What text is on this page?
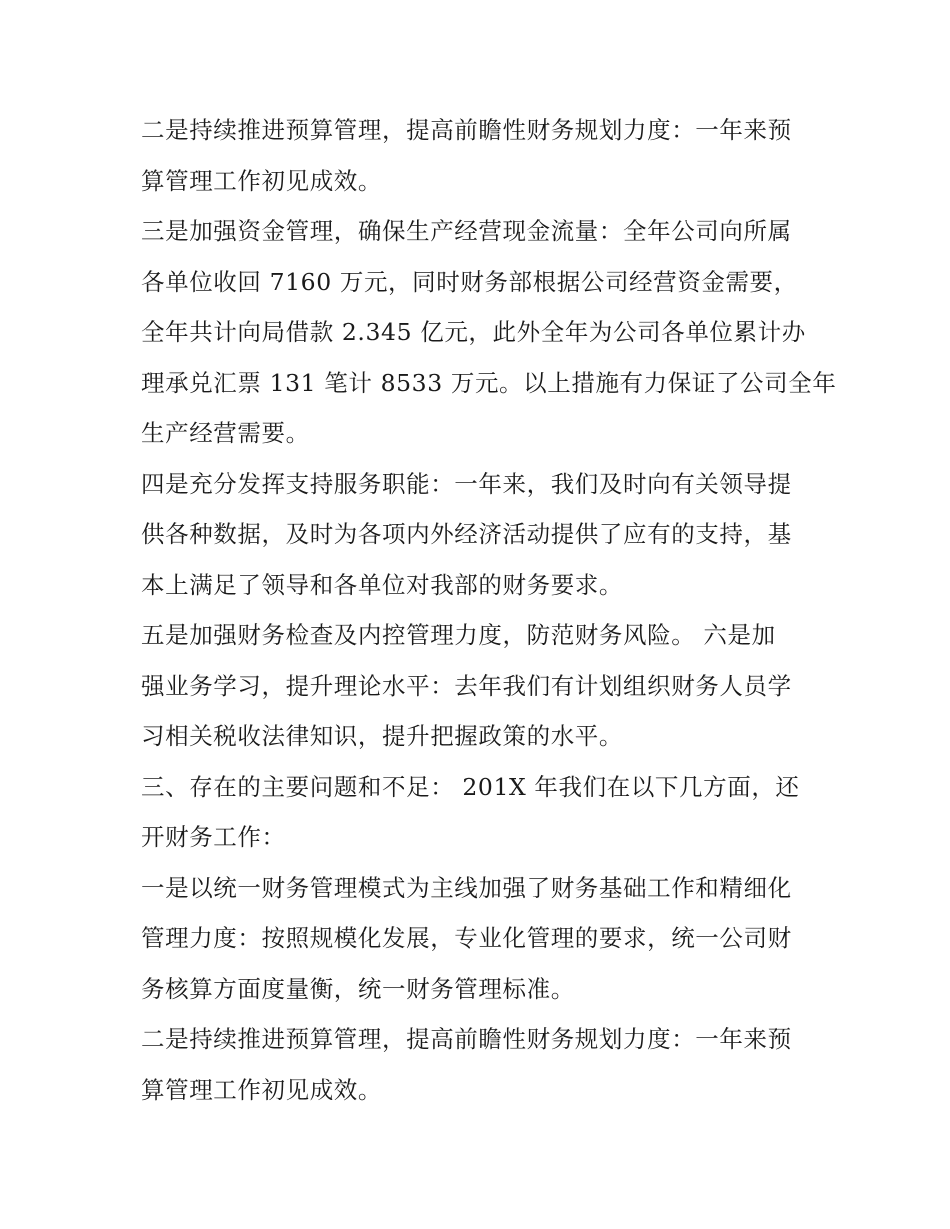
二是持续推进预算管理，提高前瞻性财务规划力度：一年来预
算管理工作初见成效。
三是加强资金管理，确保生产经营现金流量：全年公司向所属
各单位收回 7160 万元，同时财务部根据公司经营资金需要，
全年共计向局借款 2.345 亿元，此外全年为公司各单位累计办
理承兑汇票 131 笔计 8533 万元。以上措施有力保证了公司全年
生产经营需要。
四是充分发挥支持服务职能：一年来，我们及时向有关领导提
供各种数据，及时为各项内外经济活动提供了应有的支持，基
本上满足了领导和各单位对我部的财务要求。
五是加强财务检查及内控管理力度，防范财务风险。 六是加
强业务学习，提升理论水平：去年我们有计划组织财务人员学
习相关税收法律知识，提升把握政策的水平。
三、存在的主要问题和不足： 201X 年我们在以下几方面，还
开财务工作：
一是以统一财务管理模式为主线加强了财务基础工作和精细化
管理力度：按照规模化发展，专业化管理的要求，统一公司财
务核算方面度量衡，统一财务管理标准。
二是持续推进预算管理，提高前瞻性财务规划力度：一年来预
算管理工作初见成效。
